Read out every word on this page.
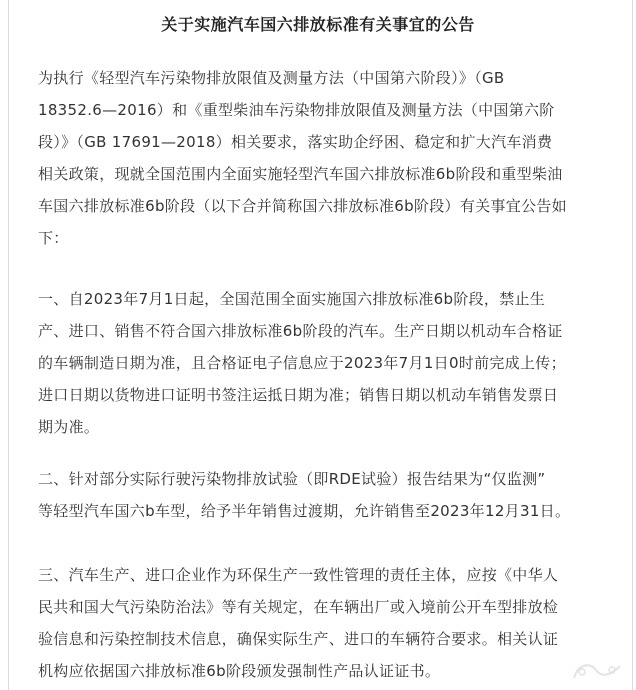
关于实施汽车国六排放标准有关事宜的公告
为执行《轻型汽车污染物排放限值及测量方法（中国第六阶段）》（GB
18352.6—2016）和《重型柴油车污染物排放限值及测量方法（中国第六阶
段）》（GB 17691—2018）相关要求，落实助企纾困、稳定和扩大汽车消费
相关政策，现就全国范围内全面实施轻型汽车国六排放标准6b阶段和重型柴油
车国六排放标准6b阶段（以下合并简称国六排放标准6b阶段）有关事宜公告如
下：
一、自2023年7月1日起，全国范围全面实施国六排放标准6b阶段，禁止生
产、进口、销售不符合国六排放标准6b阶段的汽车。生产日期以机动车合格证
的车辆制造日期为准，且合格证电子信息应于2023年7月1日0时前完成上传；
进口日期以货物进口证明书签注运抵日期为准；销售日期以机动车销售发票日
期为准。
二、针对部分实际行驶污染物排放试验（即RDE试验）报告结果为“仅监测”
等轻型汽车国六b车型，给予半年销售过渡期，允许销售至2023年12月31日。
三、汽车生产、进口企业作为环保生产一致性管理的责任主体，应按《中华人
民共和国大气污染防治法》等有关规定，在车辆出厂或入境前公开车型排放检
验信息和污染控制技术信息，确保实际生产、进口的车辆符合要求。相关认证
机构应依据国六排放标准6b阶段颁发强制性产品认证证书。
